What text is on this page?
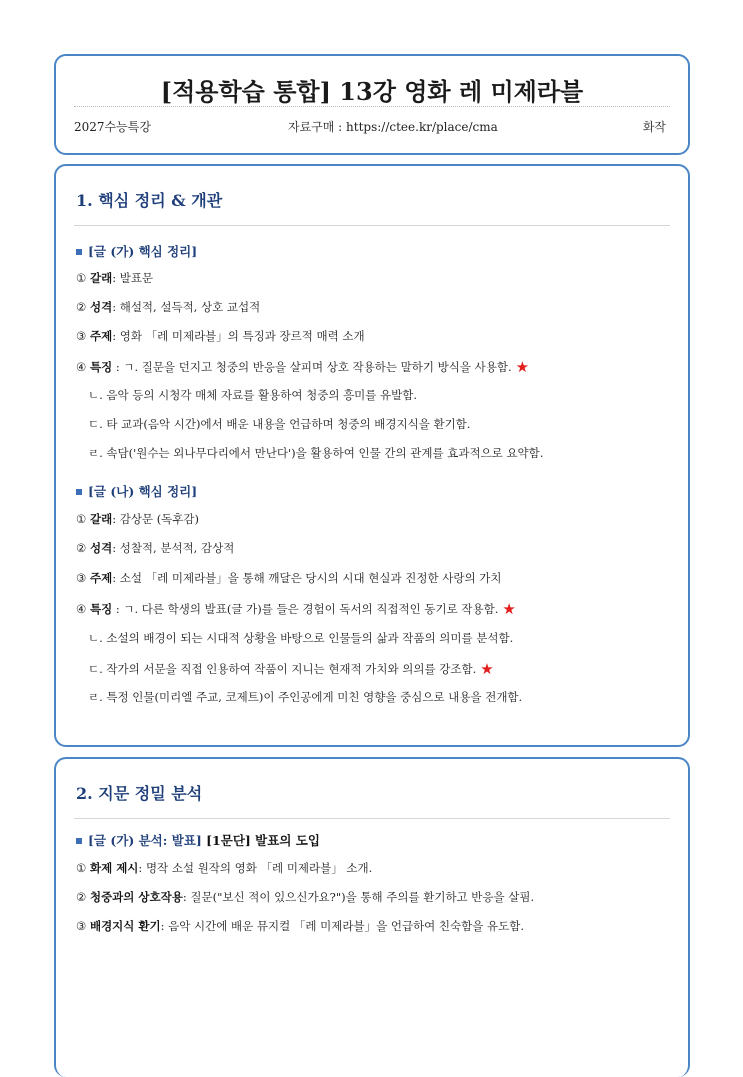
[적용학습 통합] 13강 영화 레 미제라블
2027수능특강	자료구매 : https://ctee.kr/place/cma	화작
1. 핵심 정리 & 개관
[글 (가) 핵심 정리]
① 갈래: 발표문
② 성격: 해설적, 설득적, 상호 교섭적
③ 주제: 영화 「레 미제라블」의 특징과 장르적 매력 소개
④ 특징 : ㄱ. 질문을 던지고 청중의 반응을 살피며 상호 작용하는 말하기 방식을 사용함. ★
ㄴ. 음악 등의 시청각 매체 자료를 활용하여 청중의 흥미를 유발함.
ㄷ. 타 교과(음악 시간)에서 배운 내용을 언급하며 청중의 배경지식을 환기함.
ㄹ. 속담('원수는 외나무다리에서 만난다')을 활용하여 인물 간의 관계를 효과적으로 요약함.
[글 (나) 핵심 정리]
① 갈래: 감상문 (독후감)
② 성격: 성찰적, 분석적, 감상적
③ 주제: 소설 「레 미제라블」을 통해 깨달은 당시의 시대 현실과 진정한 사랑의 가치
④ 특징 : ㄱ. 다른 학생의 발표(글 가)를 들은 경험이 독서의 직접적인 동기로 작용함. ★
ㄴ. 소설의 배경이 되는 시대적 상황을 바탕으로 인물들의 삶과 작품의 의미를 분석함.
ㄷ. 작가의 서문을 직접 인용하여 작품이 지니는 현재적 가치와 의의를 강조함. ★
ㄹ. 특정 인물(미리엘 주교, 코제트)이 주인공에게 미친 영향을 중심으로 내용을 전개함.
2. 지문 정밀 분석
[글 (가) 분석: 발표] [1문단] 발표의 도입
① 화제 제시: 명작 소설 원작의 영화 「레 미제라블」 소개.
② 청중과의 상호작용: 질문("보신 적이 있으신가요?")을 통해 주의를 환기하고 반응을 살핌.
③ 배경지식 환기: 음악 시간에 배운 뮤지컬 「레 미제라블」을 언급하여 친숙함을 유도함.
